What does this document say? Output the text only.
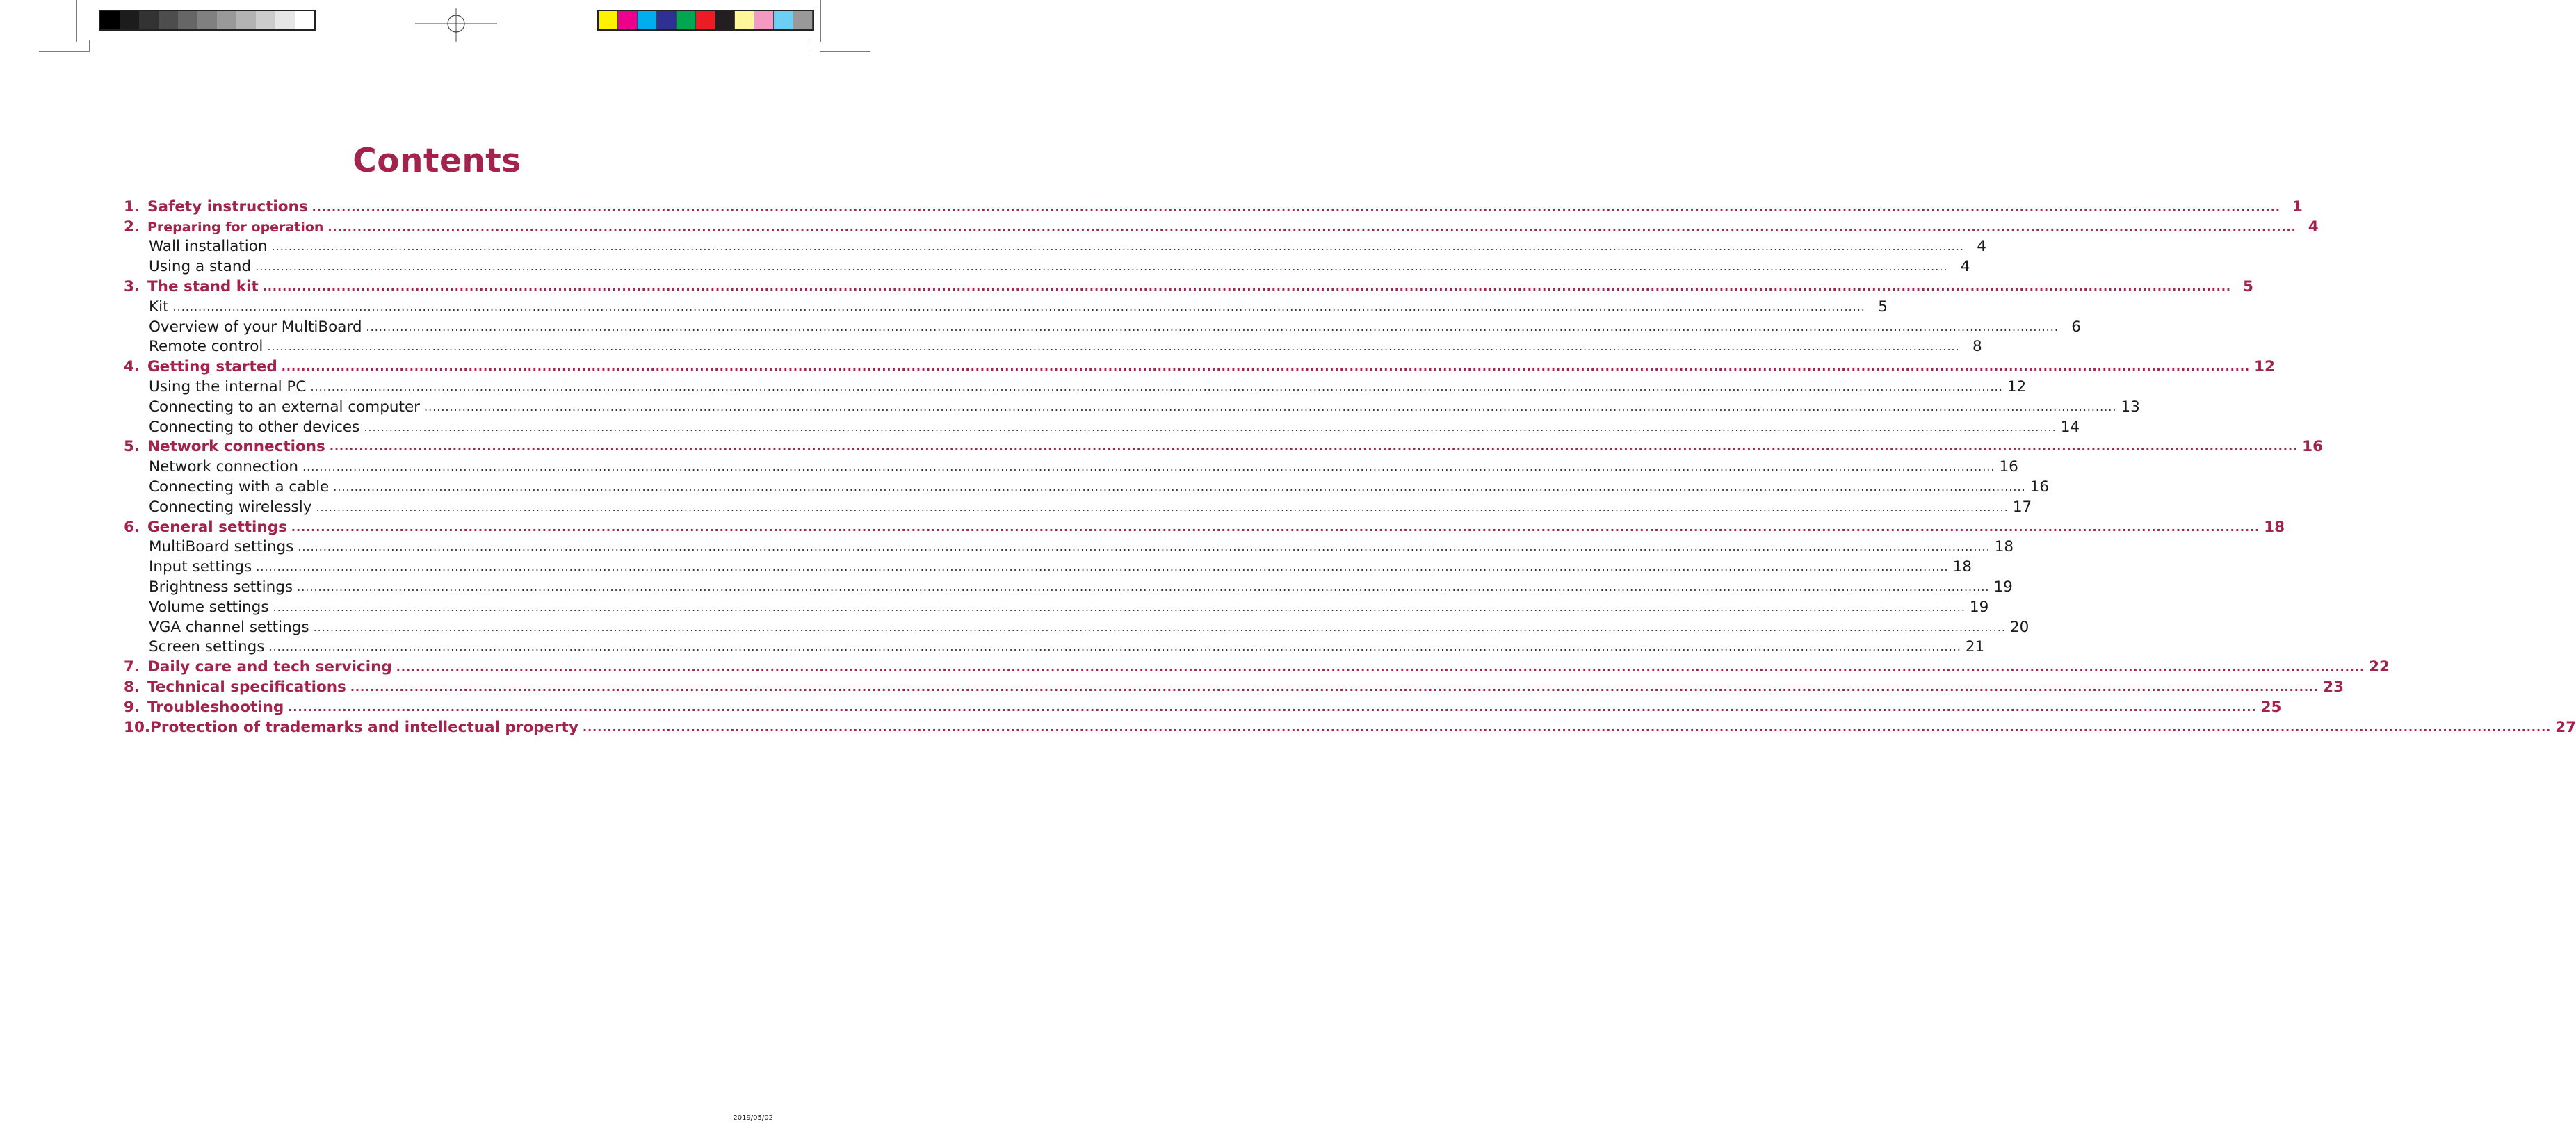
Contents
1. Safety instructions ................................................................................................................................................................................................................................................................................................................................................................................................................ 1
2. Preparing for operation ................................................................................................................................................................................................................................................................................................................................................................................................................ 4
Wall installation ................................................................................................................................................................................................................................................................................................................................................................................................................ 4
Using a stand ................................................................................................................................................................................................................................................................................................................................................................................................................ 4
3. The stand kit ................................................................................................................................................................................................................................................................................................................................................................................................................ 5
Kit ................................................................................................................................................................................................................................................................................................................................................................................................................ 5
Overview of your MultiBoard ................................................................................................................................................................................................................................................................................................................................................................................................................ 6
Remote control ................................................................................................................................................................................................................................................................................................................................................................................................................ 8
4. Getting started ................................................................................................................................................................................................................................................................................................................................................................................................................ 12
Using the internal PC ................................................................................................................................................................................................................................................................................................................................................................................................................ 12
Connecting to an external computer ................................................................................................................................................................................................................................................................................................................................................................................................................ 13
Connecting to other devices ................................................................................................................................................................................................................................................................................................................................................................................................................ 14
5. Network connections ................................................................................................................................................................................................................................................................................................................................................................................................................ 16
Network connection ................................................................................................................................................................................................................................................................................................................................................................................................................ 16
Connecting with a cable ................................................................................................................................................................................................................................................................................................................................................................................................................ 16
Connecting wirelessly ................................................................................................................................................................................................................................................................................................................................................................................................................ 17
6. General settings ................................................................................................................................................................................................................................................................................................................................................................................................................ 18
MultiBoard settings ................................................................................................................................................................................................................................................................................................................................................................................................................ 18
Input settings ................................................................................................................................................................................................................................................................................................................................................................................................................ 18
Brightness settings ................................................................................................................................................................................................................................................................................................................................................................................................................ 19
Volume settings ................................................................................................................................................................................................................................................................................................................................................................................................................ 19
VGA channel settings ................................................................................................................................................................................................................................................................................................................................................................................................................ 20
Screen settings ................................................................................................................................................................................................................................................................................................................................................................................................................ 21
7. Daily care and tech servicing ................................................................................................................................................................................................................................................................................................................................................................................................................ 22
8. Technical specifications ................................................................................................................................................................................................................................................................................................................................................................................................................ 23
9. Troubleshooting ................................................................................................................................................................................................................................................................................................................................................................................................................ 25
10.Protection of trademarks and intellectual property ................................................................................................................................................................................................................................................................................................................................................................................................................ 27
2019/05/02
